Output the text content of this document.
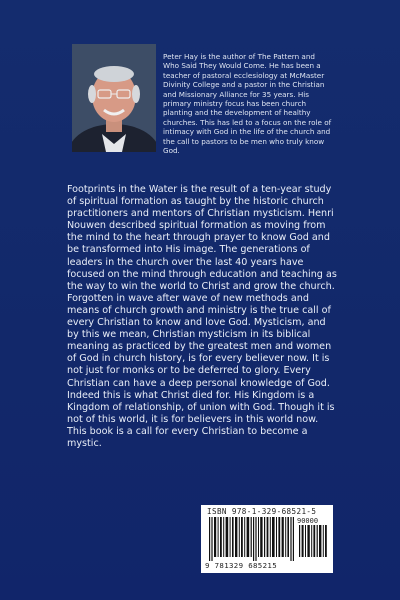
Peter Hay is the author of The Pattern and Who Said They Would Come. He has been a teacher of pastoral ecclesiology at McMaster Divinity College and a pastor in the Christian and Missionary Alliance for 35 years. His primary ministry focus has been church planting and the development of healthy churches. This has led to a focus on the role of intimacy with God in the life of the church and the call to pastors to be men who truly know God.
Footprints in the Water is the result of a ten-year study of spiritual formation as taught by the historic church practitioners and mentors of Christian mysticism. Henri Nouwen described spiritual formation as moving from the mind to the heart through prayer to know God and be transformed into His image. The generations of leaders in the church over the last 40 years have focused on the mind through education and teaching as the way to win the world to Christ and grow the church. Forgotten in wave after wave of new methods and means of church growth and ministry is the true call of every Christian to know and love God. Mysticism, and by this we mean, Christian mysticism in its biblical meaning as practiced by the greatest men and women of God in church history, is for every believer now. It is not just for monks or to be deferred to glory. Every Christian can have a deep personal knowledge of God. Indeed this is what Christ died for. His Kingdom is a Kingdom of relationship, of union with God. Though it is not of this world, it is for believers in this world now. This book is a call for every Christian to become a mystic.
ISBN 978-1-329-68521-5
90000
9 781329 685215
